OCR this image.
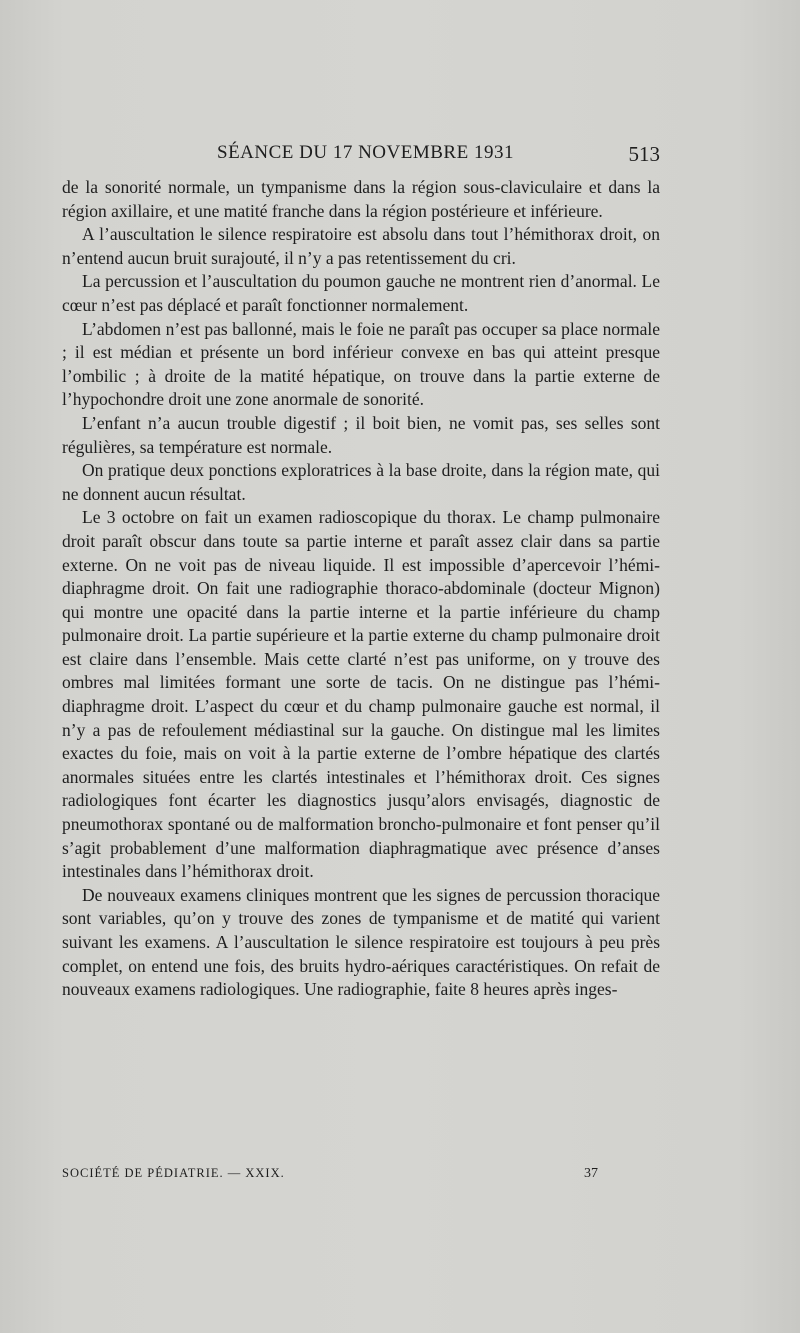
SÉANCE DU 17 NOVEMBRE 1931	513

de la sonorité normale, un tympanisme dans la région sous-claviculaire et dans la région axillaire, et une matité franche dans la région postérieure et inférieure.

A l’auscultation le silence respiratoire est absolu dans tout l’hémithorax droit, on n’entend aucun bruit surajouté, il n’y a pas retentissement du cri.

La percussion et l’auscultation du poumon gauche ne montrent rien d’anormal. Le cœur n’est pas déplacé et paraît fonctionner normalement.

L’abdomen n’est pas ballonné, mais le foie ne paraît pas occuper sa place normale ; il est médian et présente un bord inférieur convexe en bas qui atteint presque l’ombilic ; à droite de la matité hépatique, on trouve dans la partie externe de l’hypochondre droit une zone anormale de sonorité.

L’enfant n’a aucun trouble digestif ; il boit bien, ne vomit pas, ses selles sont régulières, sa température est normale.

On pratique deux ponctions exploratrices à la base droite, dans la région mate, qui ne donnent aucun résultat.

Le 3 octobre on fait un examen radioscopique du thorax. Le champ pulmonaire droit paraît obscur dans toute sa partie interne et paraît assez clair dans sa partie externe. On ne voit pas de niveau liquide. Il est impossible d’apercevoir l’hémi-diaphragme droit. On fait une radiographie thoraco-abdominale (docteur Mignon) qui montre une opacité dans la partie interne et la partie inférieure du champ pulmonaire droit. La partie supérieure et la partie externe du champ pulmonaire droit est claire dans l’ensemble. Mais cette clarté n’est pas uniforme, on y trouve des ombres mal limitées formant une sorte de tacis. On ne distingue pas l’hémi-diaphragme droit. L’aspect du cœur et du champ pulmonaire gauche est normal, il n’y a pas de refoulement médiastinal sur la gauche. On distingue mal les limites exactes du foie, mais on voit à la partie externe de l’ombre hépatique des clartés anormales situées entre les clartés intestinales et l’hémithorax droit. Ces signes radiologiques font écarter les diagnostics jusqu’alors envisagés, diagnostic de pneumothorax spontané ou de malformation broncho-pulmonaire et font penser qu’il s’agit probablement d’une malformation diaphragmatique avec présence d’anses intestinales dans l’hémithorax droit.

De nouveaux examens cliniques montrent que les signes de percussion thoracique sont variables, qu’on y trouve des zones de tympanisme et de matité qui varient suivant les examens. A l’auscultation le silence respiratoire est toujours à peu près complet, on entend une fois, des bruits hydro-aériques caractéristiques. On refait de nouveaux examens radiologiques. Une radiographie, faite 8 heures après inges-

SOCIÉTÉ DE PÉDIATRIE. — XXIX.	37
